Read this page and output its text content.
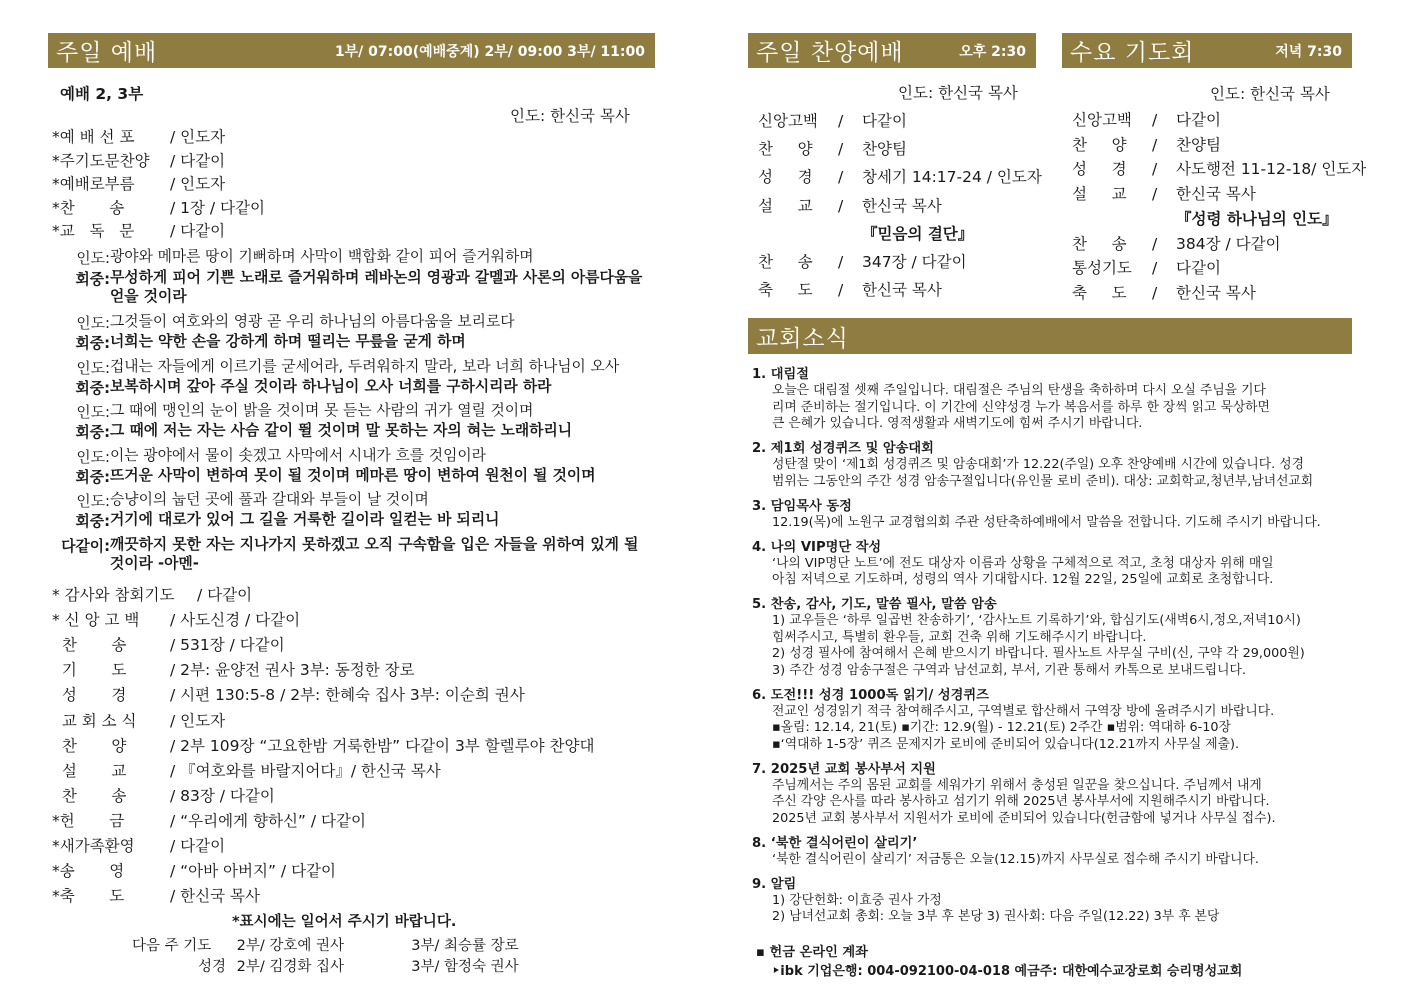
주일 예배	1부/ 07:00(예배중계) 2부/ 09:00 3부/ 11:00
예배 2, 3부
인도: 한신국 목사
*예 배 선 포 / 인도자
*주기도문찬양 / 다같이
*예배로부름 / 인도자
*찬       송	/ 1장 / 다같이
*교   독   문 / 다같이
인도: 광야와 메마른 땅이 기뻐하며 사막이 백합화 같이 피어 즐거워하며
회중: 무성하게 피어 기쁜 노래로 즐거워하며 레바논의 영광과 갈멜과 사론의 아름다움을 얻을 것이라
인도: 그것들이 여호와의 영광 곧 우리 하나님의 아름다움을 보리로다
회중: 너희는 약한 손을 강하게 하며 떨리는 무릎을 굳게 하며
인도: 겁내는 자들에게 이르기를 굳세어라, 두려워하지 말라, 보라 너희 하나님이 오사
회중: 보복하시며 갚아 주실 것이라 하나님이 오사 너희를 구하시리라 하라
인도: 그 때에 맹인의 눈이 밝을 것이며 못 듣는 사람의 귀가 열릴 것이며
회중: 그 때에 저는 자는 사슴 같이 뛸 것이며 말 못하는 자의 혀는 노래하리니
인도: 이는 광야에서 물이 솟겠고 사막에서 시내가 흐를 것임이라
회중: 뜨거운 사막이 변하여 못이 될 것이며 메마른 땅이 변하여 원천이 될 것이며
인도: 승냥이의 눕던 곳에 풀과 갈대와 부들이 날 것이며
회중: 거기에 대로가 있어 그 길을 거룩한 길이라 일컫는 바 되리니
다같이: 깨끗하지 못한 자는 지나가지 못하겠고 오직 구속함을 입은 자들을 위하여 있게 될 것이라 -아멘-
* 감사와 참회기도 / 다같이
* 신 앙 고 백 / 사도신경 / 다같이
찬       송	/ 531장 / 다같이
기       도	/ 2부: 윤양전 권사 3부: 동정한 장로
성       경	/ 시편 130:5-8 / 2부: 한혜숙 집사 3부: 이순희 권사
교 회 소 식 / 인도자
찬       양	/ 2부 109장 “고요한밤 거룩한밤” 다같이 3부 할렐루야 찬양대
설       교	/ 『여호와를 바랄지어다』/ 한신국 목사
찬       송	/ 83장 / 다같이
*헌       금	/ “우리에게 향하신” / 다같이
*새가족환영 / 다같이
*송       영	/ “아바 아버지” / 다같이
*축       도	/ 한신국 목사
*표시에는 일어서 주시기 바랍니다.
다음 주 기도 2부/ 강호예 권사	3부/ 최승률 장로
성경 2부/ 김경화 집사	3부/ 함정숙 권사
주일 찬양예배	오후 2:30
인도: 한신국 목사
신앙고백 / 다같이
찬     양 / 찬양팀
성     경 / 창세기 14:17-24 / 인도자
설     교 / 한신국 목사
『믿음의 결단』
찬     송 / 347장 / 다같이
축     도 / 한신국 목사
수요 기도회	저녁 7:30
인도: 한신국 목사
신앙고백 / 다같이
찬     양 / 찬양팀
성     경 / 사도행전 11-12-18/ 인도자
설     교 / 한신국 목사
『성령 하나님의 인도』
찬     송 / 384장 / 다같이
통성기도 / 다같이
축     도 / 한신국 목사
교회소식
1. 대림절
오늘은 대림절 셋째 주일입니다. 대림절은 주님의 탄생을 축하하며 다시 오실 주님을 기다
리며 준비하는 절기입니다. 이 기간에 신약성경 누가 복음서를 하루 한 장씩 읽고 묵상하면
큰 은혜가 있습니다. 영적생활과 새벽기도에 힘써 주시기 바랍니다.
2. 제1회 성경퀴즈 및 암송대회
성탄절 맞이 ‘제1회 성경퀴즈 및 암송대회’가 12.22(주일) 오후 찬양예배 시간에 있습니다. 성경
범위는 그동안의 주간 성경 암송구절입니다(유인물 로비 준비). 대상: 교회학교,청년부,남녀선교회
3. 담임목사 동정
12.19(목)에 노원구 교경협의회 주관 성탄축하예배에서 말씀을 전합니다. 기도해 주시기 바랍니다.
4. 나의 VIP명단 작성
‘나의 VIP명단 노트’에 전도 대상자 이름과 상황을 구체적으로 적고, 초청 대상자 위해 매일
아침 저녁으로 기도하며, 성령의 역사 기대합시다. 12월 22일, 25일에 교회로 초청합니다.
5. 찬송, 감사, 기도, 말씀 필사, 말씀 암송
1) 교우들은 ‘하루 일곱번 찬송하기’, ‘감사노트 기록하기’와, 합심기도(새벽6시,정오,저녁10시)
힘써주시고, 특별히 환우들, 교회 건축 위해 기도해주시기 바랍니다.
2) 성경 필사에 참여해서 은혜 받으시기 바랍니다. 필사노트 사무실 구비(신, 구약 각 29,000원)
3) 주간 성경 암송구절은 구역과 남선교회, 부서, 기관 통해서 카톡으로 보내드립니다.
6. 도전!!! 성경 1000독 읽기/ 성경퀴즈
전교인 성경읽기 적극 참여해주시고, 구역별로 합산해서 구역장 방에 올려주시기 바랍니다.
▪올림: 12.14, 21(토) ▪기간: 12.9(월) - 12.21(토) 2주간 ▪범위: 역대하 6-10장
▪‘역대하 1-5장’ 퀴즈 문제지가 로비에 준비되어 있습니다(12.21까지 사무실 제출).
7. 2025년 교회 봉사부서 지원
주님께서는 주의 몸된 교회를 세워가기 위해서 충성된 일꾼을 찾으십니다. 주님께서 내게
주신 각양 은사를 따라 봉사하고 섬기기 위해 2025년 봉사부서에 지원해주시기 바랍니다.
2025년 교회 봉사부서 지원서가 로비에 준비되어 있습니다(헌금함에 넣거나 사무실 접수).
8. ‘북한 결식어린이 살리기’
‘북한 결식어린이 살리기’ 저금통은 오늘(12.15)까지 사무실로 접수해 주시기 바랍니다.
9. 알림
1) 강단헌화: 이효중 권사 가정
2) 남녀선교회 총회: 오늘 3부 후 본당 3) 권사회: 다음 주일(12.22) 3부 후 본당
▪ 헌금 온라인 계좌
‣ibk 기업은행: 004-092100-04-018 예금주: 대한예수교장로회 승리명성교회
